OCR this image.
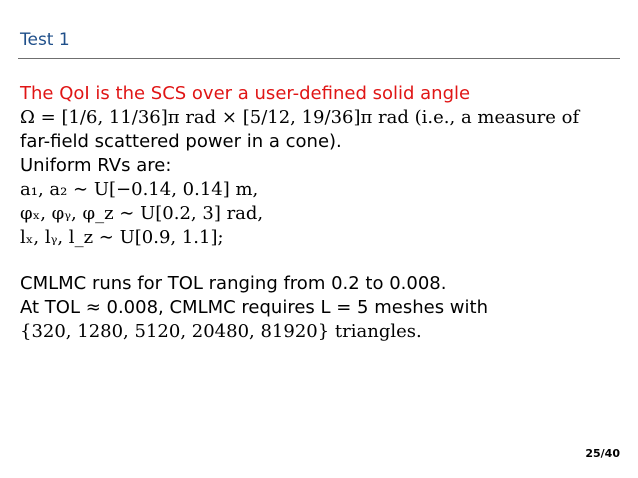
Test 1
The QoI is the SCS over a user-defined solid angle
Ω = [1/6, 11/36]π rad × [5/12, 19/36]π rad (i.e., a measure of
far-field scattered power in a cone).
Uniform RVs are:
a₁, a₂ ∼ U[−0.14, 0.14] m,
φₓ, φᵧ, φ_z ∼ U[0.2, 3] rad,
lₓ, lᵧ, l_z ∼ U[0.9, 1.1];
CMLMC runs for TOL ranging from 0.2 to 0.008.
At TOL ≈ 0.008, CMLMC requires L = 5 meshes with
{320, 1280, 5120, 20480, 81920} triangles.
25/40
